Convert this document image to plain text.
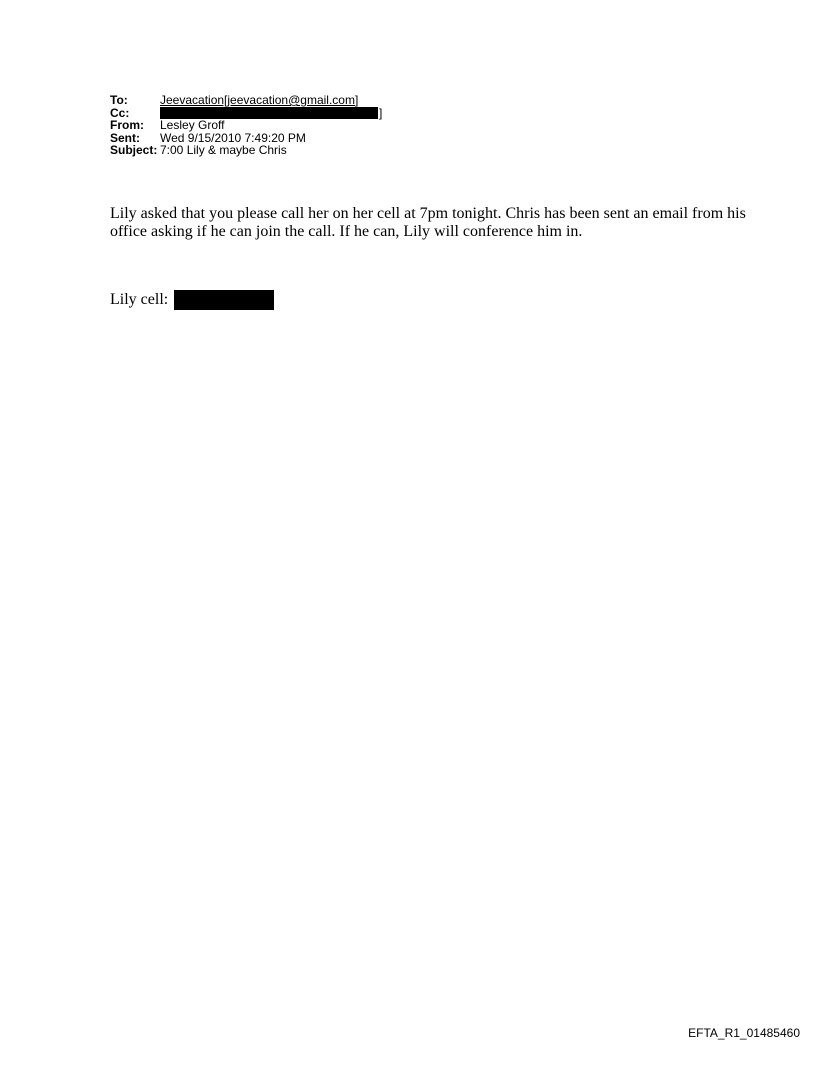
To:	Jeevacation[jeevacation@gmail.com]
Cc:	]
From:	Lesley Groff
Sent:	Wed 9/15/2010 7:49:20 PM
Subject: 7:00 Lily & maybe Chris

Lily asked that you please call her on her cell at 7pm tonight. Chris has been sent an email from his office asking if he can join the call. If he can, Lily will conference him in.

Lily cell:
EFTA_R1_01485460
